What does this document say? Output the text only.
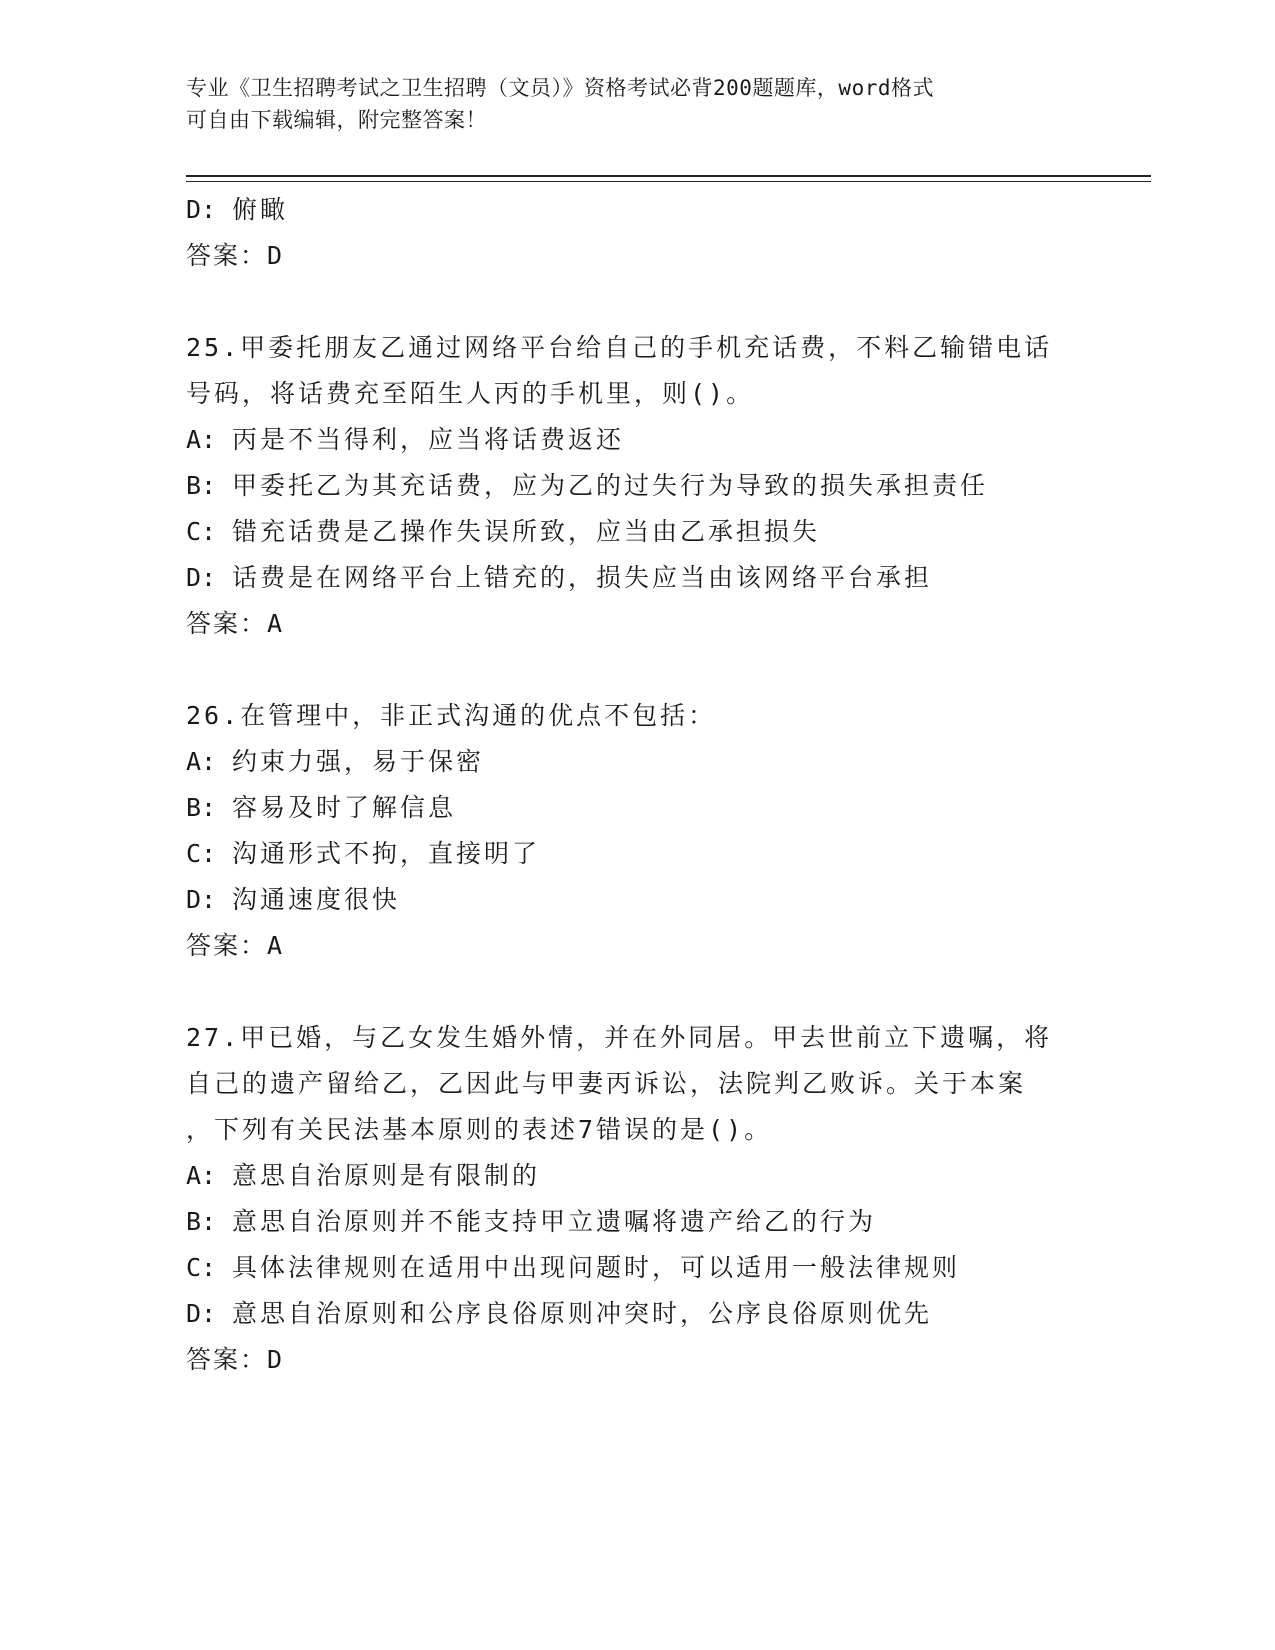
专业《卫生招聘考试之卫生招聘（文员）》资格考试必背200题题库，word格式
可自由下载编辑，附完整答案！
D: 俯瞰
答案：D
25.甲委托朋友乙通过网络平台给自己的手机充话费，不料乙输错电话
号码，将话费充至陌生人丙的手机里，则()。
A: 丙是不当得利，应当将话费返还
B: 甲委托乙为其充话费，应为乙的过失行为导致的损失承担责任
C: 错充话费是乙操作失误所致，应当由乙承担损失
D: 话费是在网络平台上错充的，损失应当由该网络平台承担
答案：A
26.在管理中，非正式沟通的优点不包括：
A: 约束力强，易于保密
B: 容易及时了解信息
C: 沟通形式不拘，直接明了
D: 沟通速度很快
答案：A
27.甲已婚，与乙女发生婚外情，并在外同居。甲去世前立下遗嘱，将
自己的遗产留给乙，乙因此与甲妻丙诉讼，法院判乙败诉。关于本案
，下列有关民法基本原则的表述7错误的是()。
A: 意思自治原则是有限制的
B: 意思自治原则并不能支持甲立遗嘱将遗产给乙的行为
C: 具体法律规则在适用中出现问题时，可以适用一般法律规则
D: 意思自治原则和公序良俗原则冲突时，公序良俗原则优先
答案：D
